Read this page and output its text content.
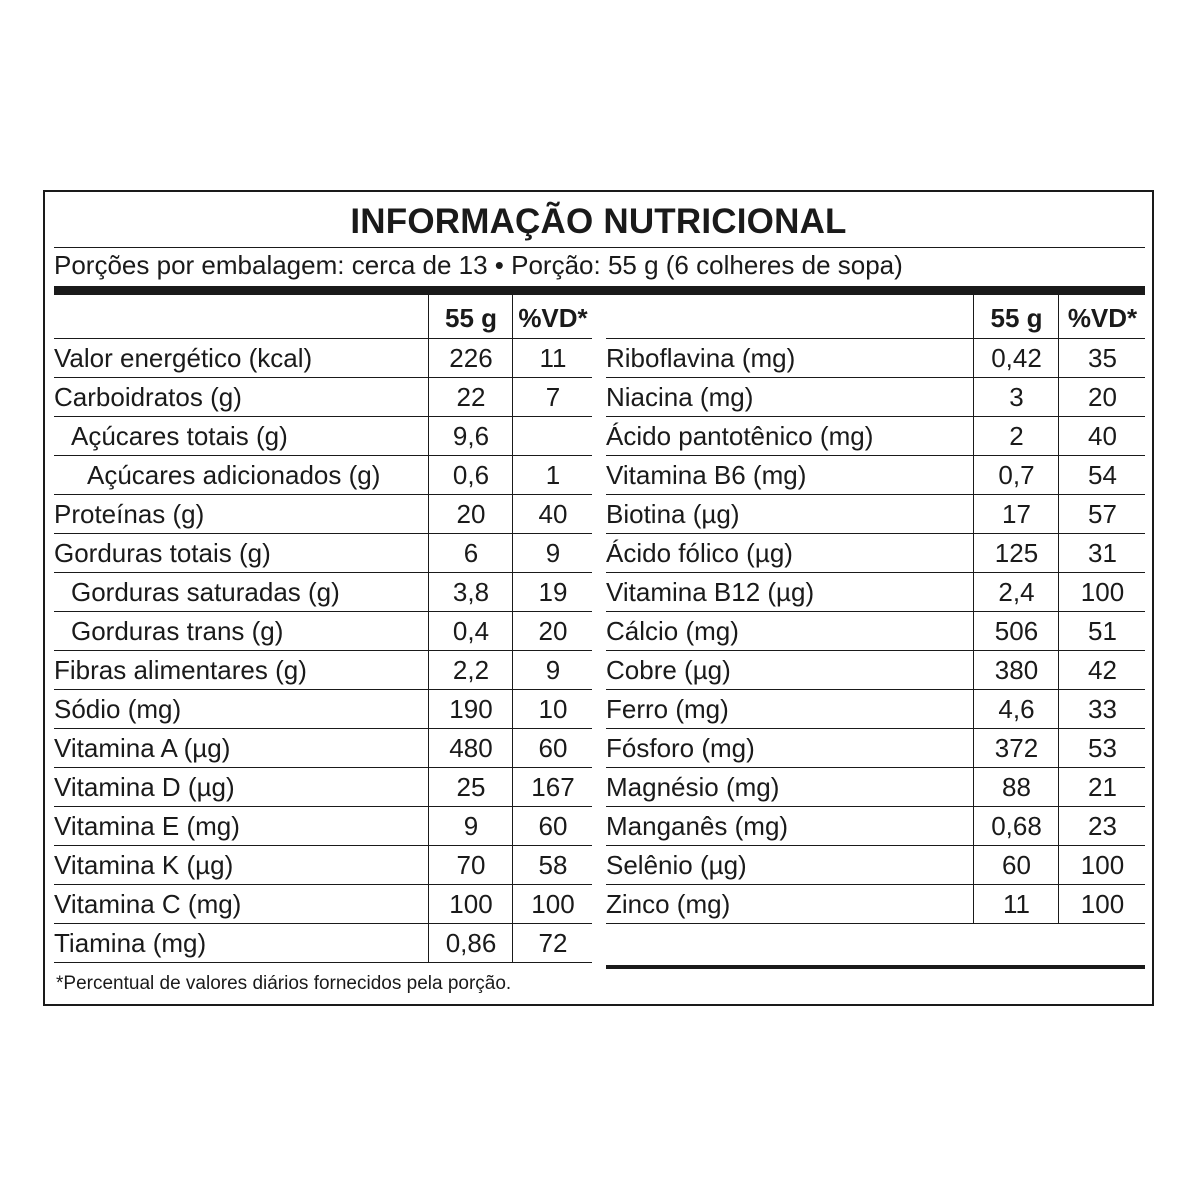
INFORMAÇÃO NUTRICIONAL
Porções por embalagem: cerca de 13 • Porção: 55 g (6 colheres de sopa)
55 g %VD*
Valor energético (kcal)	226	11
Carboidratos (g)	22	7
Açúcares totais (g)	9,6
Açúcares adicionados (g)	0,6	1
Proteínas (g)	20	40
Gorduras totais (g)	6	9
Gorduras saturadas (g)	3,8	19
Gorduras trans (g)	0,4	20
Fibras alimentares (g)	2,2	9
Sódio (mg)	190	10
Vitamina A (µg)	480	60
Vitamina D (µg)	25	167
Vitamina E (mg)	9	60
Vitamina K (µg)	70	58
Vitamina C (mg)	100	100
Tiamina (mg)	0,86	72
55 g %VD*
Riboflavina (mg)	0,42	35
Niacina (mg)	3	20
Ácido pantotênico (mg)	2	40
Vitamina B6 (mg)	0,7	54
Biotina (µg)	17	57
Ácido fólico (µg)	125	31
Vitamina B12 (µg)	2,4	100
Cálcio (mg)	506	51
Cobre (µg)	380	42
Ferro (mg)	4,6	33
Fósforo (mg)	372	53
Magnésio (mg)	88	21
Manganês (mg)	0,68	23
Selênio (µg)	60	100
Zinco (mg)	11	100
*Percentual de valores diários fornecidos pela porção.
